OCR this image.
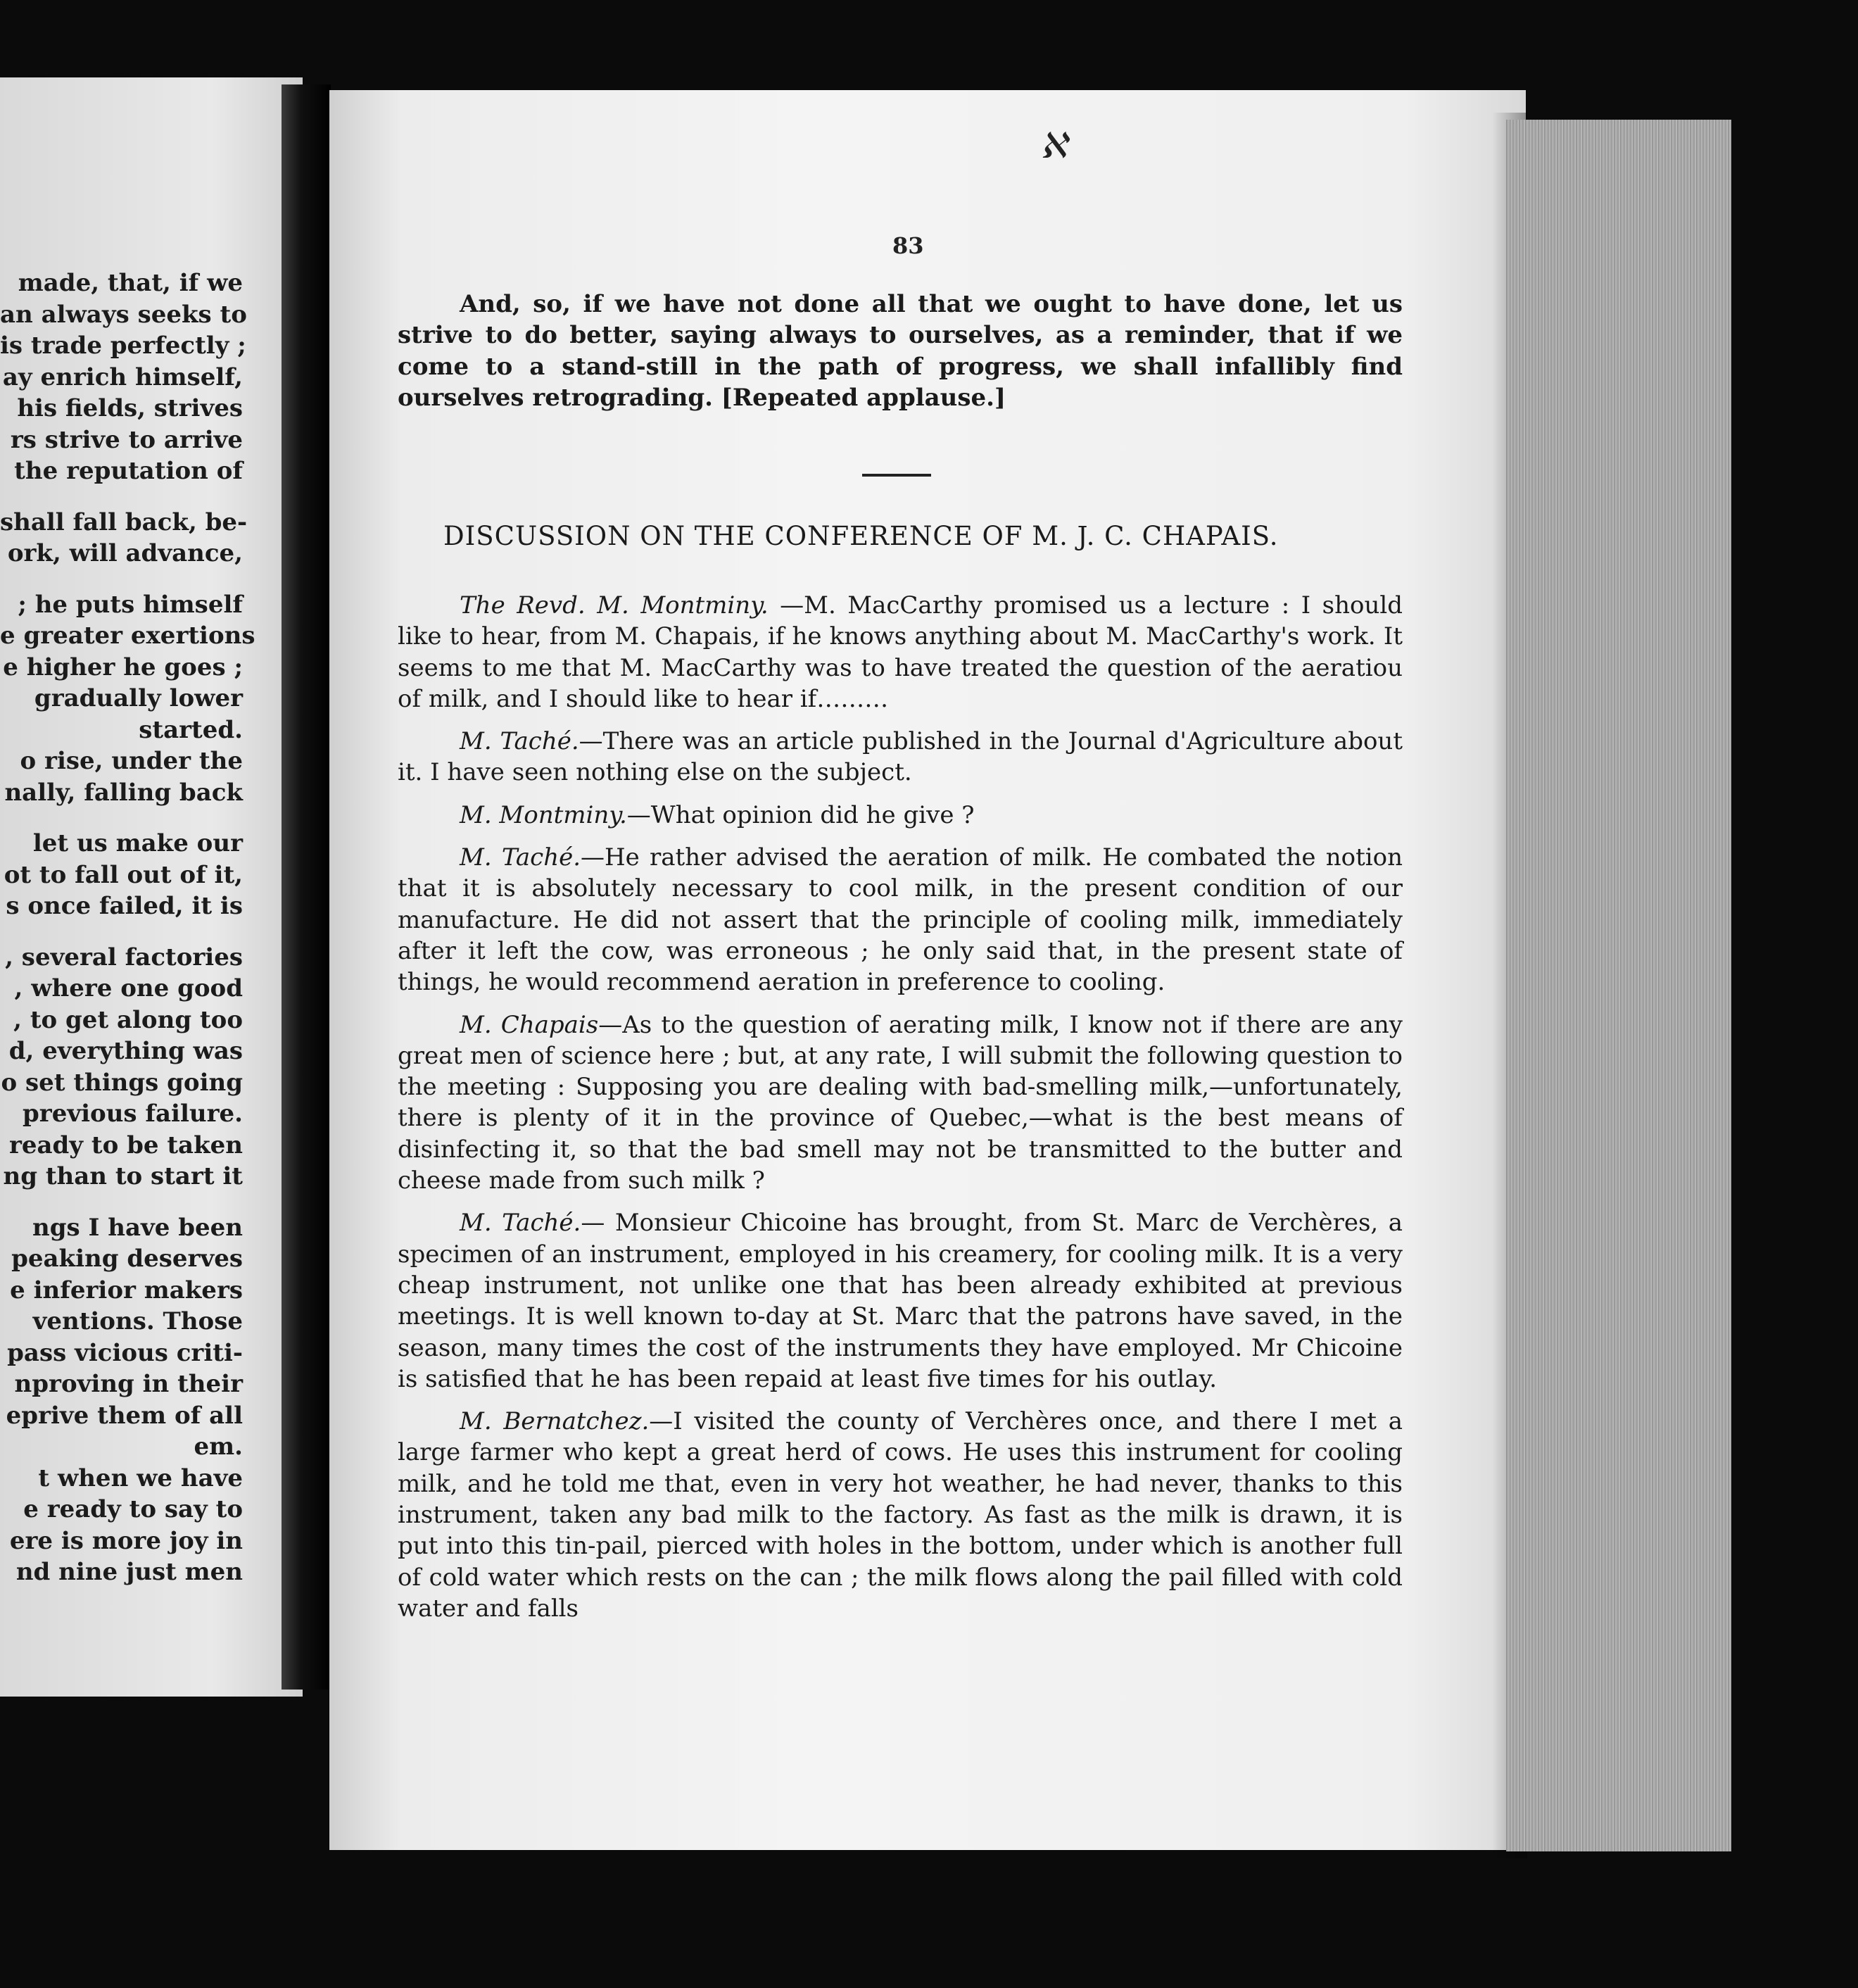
made, that, if we
an always seeks to
is trade perfectly ;
ay enrich himself,
his fields, strives
rs strive to arrive
the reputation of
shall fall back, be-
ork, will advance,
; he puts himself
e greater exertions
e higher he goes ;
gradually lower
started.
o rise, under the
nally, falling back
let us make our
ot to fall out of it,
s once failed, it is
, several factories
, where one good
, to get along too
d, everything was
o set things going
previous failure.
ready to be taken
ng than to start it
ngs I have been
peaking deserves
e inferior makers
ventions. Those
pass vicious criti-
nproving in their
eprive them of all
em.
t when we have
e ready to say to
ere is more joy in
nd nine just men
ℵ
83

And, so, if we have not done all that we ought to have done, let us strive to do better, saying always to ourselves, as a reminder, that if we come to a stand-still in the path of progress, we shall infallibly find ourselves retrograding. [Repeated applause.]

DISCUSSION ON THE CONFERENCE OF M. J. C. CHAPAIS.

The Revd. M. Montminy. —M. MacCarthy promised us a lecture : I should like to hear, from M. Chapais, if he knows anything about M. MacCarthy's work. It seems to me that M. MacCarthy was to have treated the question of the aeratiou of milk, and I should like to hear if………

M. Taché.—There was an article published in the Journal d'Agriculture about it. I have seen nothing else on the subject.

M. Montminy.—What opinion did he give ?

M. Taché.—He rather advised the aeration of milk. He combated the notion that it is absolutely necessary to cool milk, in the present condition of our manufacture. He did not assert that the principle of cooling milk, immediately after it left the cow, was erroneous ; he only said that, in the present state of things, he would recommend aeration in preference to cooling.

M. Chapais—As to the question of aerating milk, I know not if there are any great men of science here ; but, at any rate, I will submit the following question to the meeting : Supposing you are dealing with bad-smelling milk,—unfortunately, there is plenty of it in the province of Quebec,—what is the best means of disinfecting it, so that the bad smell may not be transmitted to the butter and cheese made from such milk ?

M. Taché.— Monsieur Chicoine has brought, from St. Marc de Verchères, a specimen of an instrument, employed in his creamery, for cooling milk. It is a very cheap instrument, not unlike one that has been already exhibited at previous meetings. It is well known to-day at St. Marc that the patrons have saved, in the season, many times the cost of the instruments they have employed. Mr Chicoine is satisfied that he has been repaid at least five times for his outlay.

M. Bernatchez.—I visited the county of Verchères once, and there I met a large farmer who kept a great herd of cows. He uses this instrument for cooling milk, and he told me that, even in very hot weather, he had never, thanks to this instrument, taken any bad milk to the factory. As fast as the milk is drawn, it is put into this tin-pail, pierced with holes in the bottom, under which is another full of cold water which rests on the can ; the milk flows along the pail filled with cold water and falls
